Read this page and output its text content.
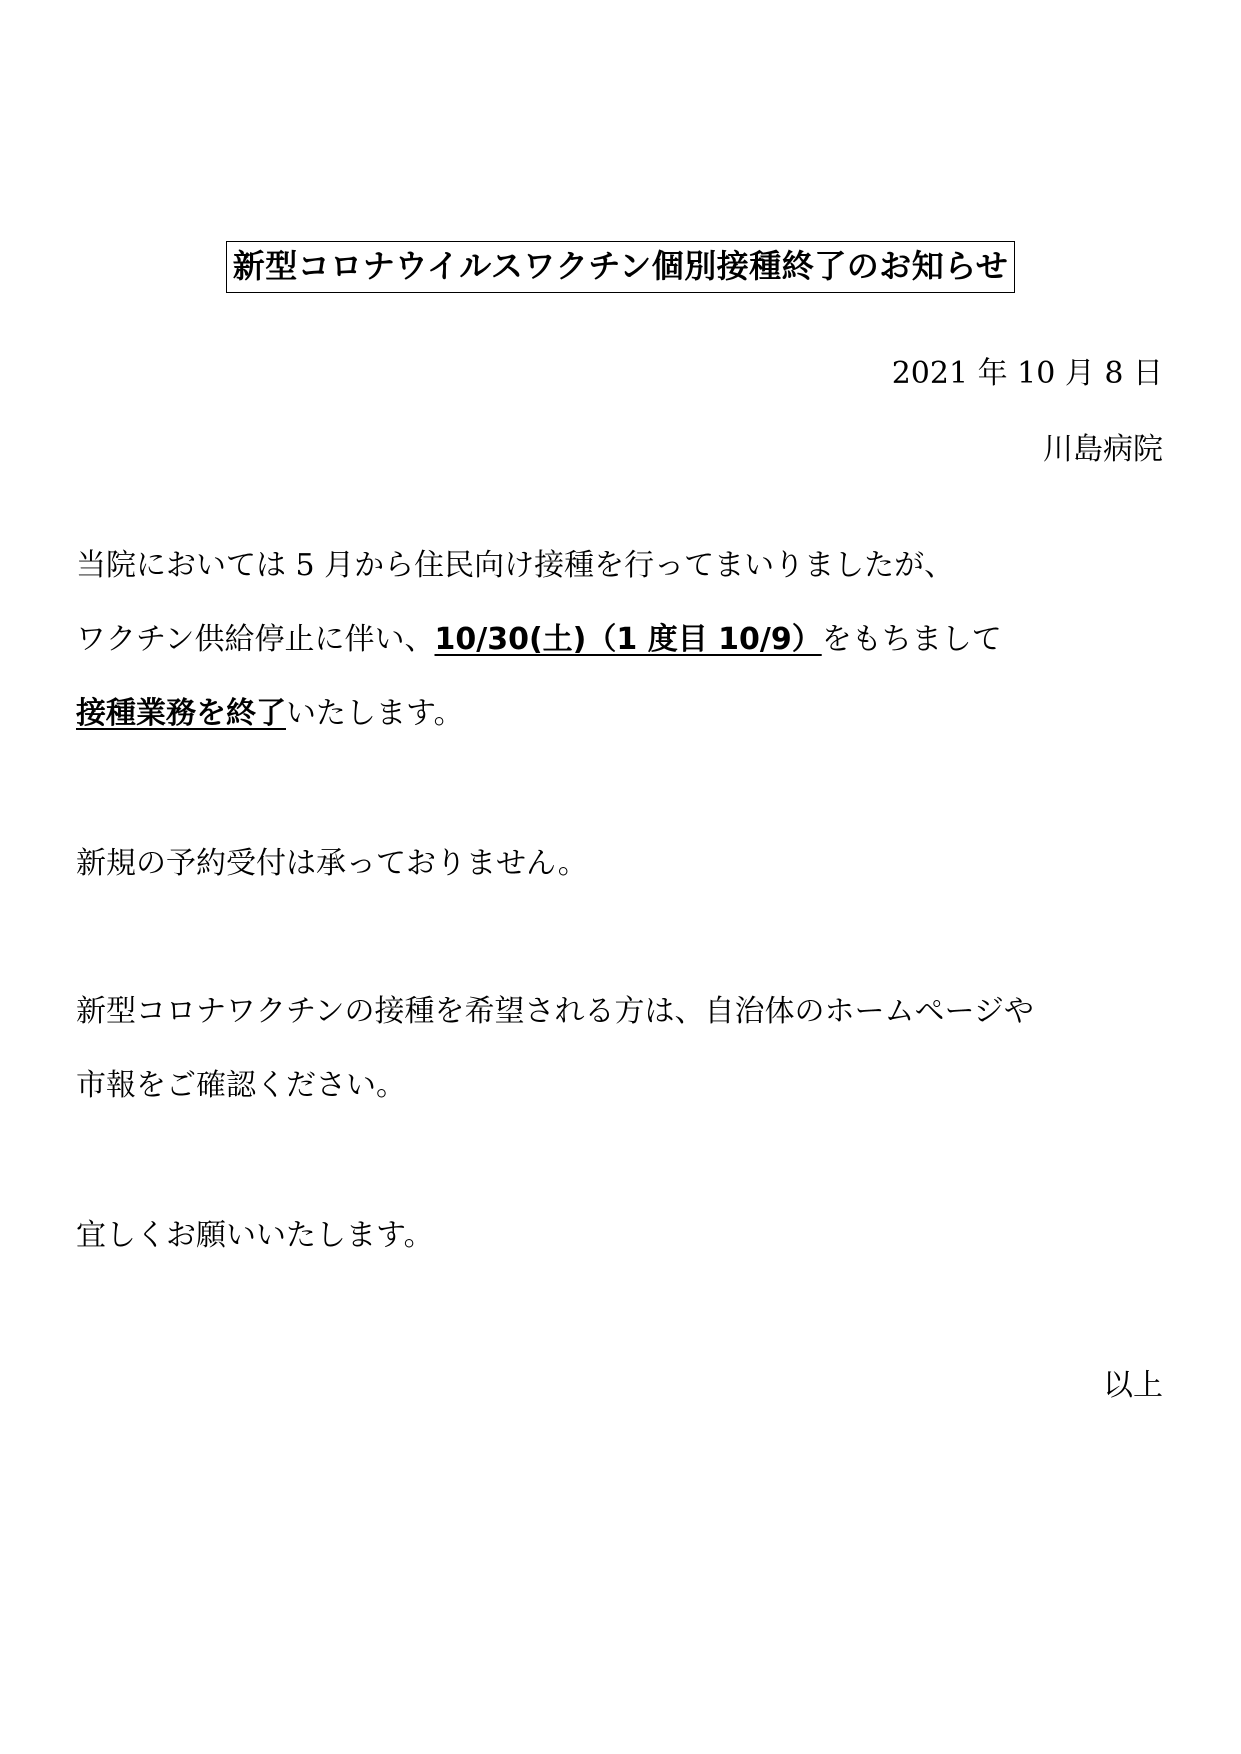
新型コロナウイルスワクチン個別接種終了のお知らせ
2021 年 10 月 8 日
川島病院
当院においては 5 月から住民向け接種を行ってまいりましたが、
ワクチン供給停止に伴い、10/30(土)（1 度目 10/9）をもちまして
接種業務を終了いたします。
新規の予約受付は承っておりません。
新型コロナワクチンの接種を希望される方は、自治体のホームページや
市報をご確認ください。
宜しくお願いいたします。
以上
